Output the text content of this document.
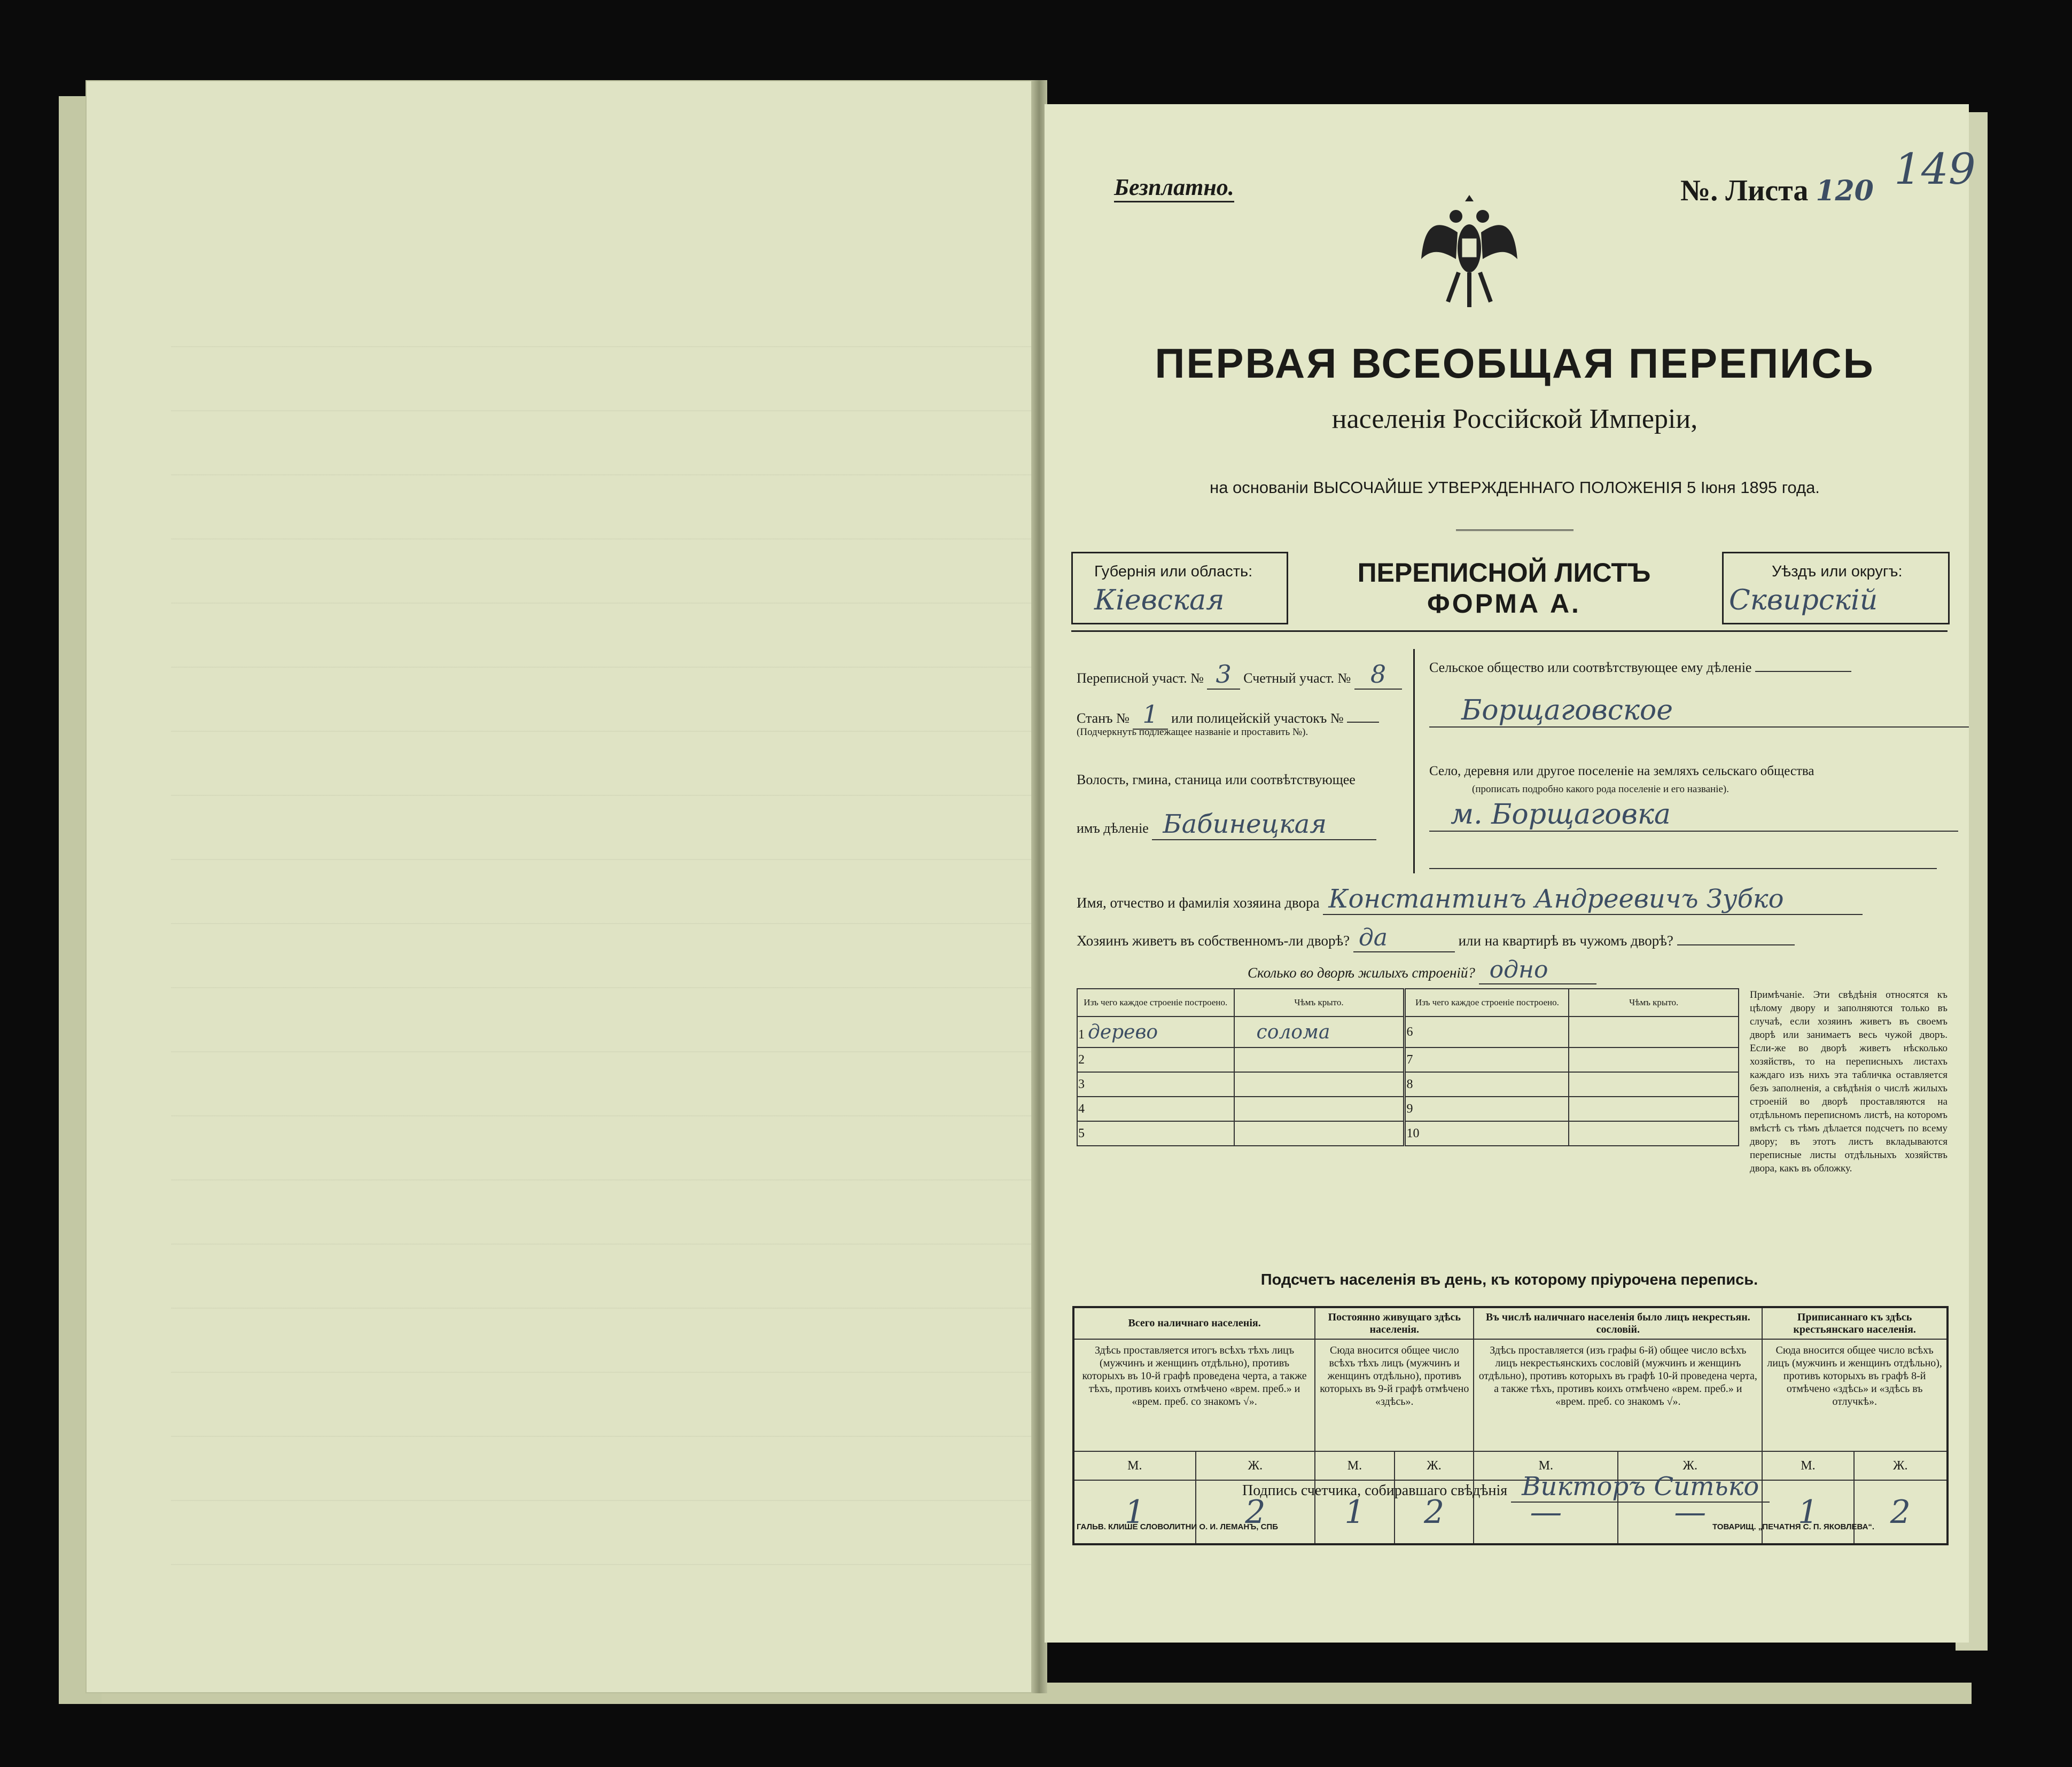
149
Безплатно.	№. Листа 120
ПЕРВАЯ ВСЕОБЩАЯ ПЕРЕПИСЬ
населенія Россійской Имперіи,
на основаніи ВЫСОЧАЙШЕ УТВЕРЖДЕННАГО ПОЛОЖЕНІЯ 5 Іюня 1895 года.
Губернія или область:
Кіевская
ПЕРЕПИСНОЙ ЛИСТЪ
ФОРМА А.
Уѣздъ или округъ:
Сквирскій
Переписной участ. № 3 Счетный участ. № 8
Станъ № 1 или полицейскій участокъ №
(Подчеркнуть подлежащее названіе и проставить №).
Волость, гмина, станица или соотвѣтствующее
имъ дѣленіе Бабинецкая
Сельское общество или соотвѣтствующее ему дѣленіе
Борщаговское
Село, деревня или другое поселеніе на земляхъ сельскаго общества
(прописать подробно какого рода поселеніе и его названіе).
м. Борщаговка
Имя, отчество и фамилія хозяина двора Константинъ Андреевичъ Зубко
Хозяинъ живетъ въ собственномъ-ли дворѣ? да	или на квартирѣ въ чужомъ дворѣ?
Сколько во дворѣ жилыхъ строеній? одно
Изъ чего каждое строеніе построено.	Чѣмъ крыто.	Изъ чего каждое строеніе построено.	Чѣмъ крыто.
1 дерево	солома	6	
2		7	
3		8	
4		9	
5		10	
Примѣчаніе. Эти свѣдѣнія относятся къ цѣлому двору и заполняются только въ случаѣ, если хозяинъ живетъ въ своемъ дворѣ или занимаетъ весь чужой дворъ. Если-же во дворѣ живетъ нѣсколько хозяйствъ, то на переписныхъ листахъ каждаго изъ нихъ эта табличка оставляется безъ заполненія, а свѣдѣнія о числѣ жилыхъ строеній во дворѣ проставляются на отдѣльномъ переписномъ листѣ, на которомъ вмѣстѣ съ тѣмъ дѣлается подсчетъ по всему двору; въ этотъ листъ вкладываются переписные листы отдѣльныхъ хозяйствъ двора, какъ въ обложку.
Подсчетъ населенія въ день, къ которому пріурочена перепись.
Всего наличнаго населенія.		Постоянно живущаго здѣсь населенія.		Въ числѣ наличнаго населенія было лицъ некрестьян. сословій.		Приписаннаго къ здѣсь крестьянскаго населенія.	
Здѣсь проставляется итогъ всѣхъ тѣхъ лицъ (мужчинъ и женщинъ отдѣльно), противъ которыхъ въ 10-й графѣ проведена черта, а также тѣхъ, противъ коихъ отмѣчено «врем. преб.» и «врем. преб. со знакомъ √».		Сюда вносится общее число всѣхъ тѣхъ лицъ (мужчинъ и женщинъ отдѣльно), противъ которыхъ въ 9-й графѣ отмѣчено «здѣсь».		Здѣсь проставляется (изъ графы 6-й) общее число всѣхъ лицъ некрестьянскихъ сословій (мужчинъ и женщинъ отдѣльно), противъ которыхъ въ графѣ 10-й проведена черта, а также тѣхъ, противъ коихъ отмѣчено «врем. преб.» и «врем. преб. со знакомъ √».		Сюда вносится общее число всѣхъ лицъ (мужчинъ и женщинъ отдѣльно), противъ которыхъ въ графѣ 8-й отмѣчено «здѣсь» и «здѣсь въ отлучкѣ».	
М.	Ж.	М.	Ж.	М.	Ж.	М.	Ж.
1	2	1	2	—	—	1	2
Подпись счетчика, собиравшаго свѣдѣнія Викторъ Ситько
ГАЛЬВ. КЛИШЕ СЛОВОЛИТНИ О. И. ЛЕМАНЪ, СПБ	ТОВАРИЩ. „ПЕЧАТНЯ С. П. ЯКОВЛЕВА“.
